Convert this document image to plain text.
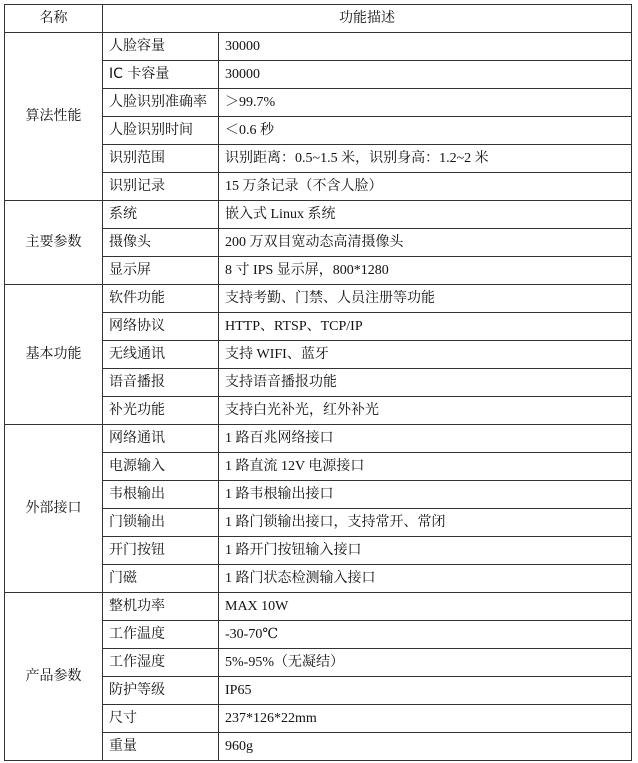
名称	功能描述	
算法性能	人脸容量	30000
	IC 卡容量	30000
	人脸识别准确率	＞99.7%
	人脸识别时间	＜0.6 秒
	识别范围	识别距离：0.5~1.5 米，识别身高：1.2~2 米
	识别记录	15 万条记录（不含人脸）
主要参数	系统	嵌入式 Linux 系统
	摄像头	200 万双目宽动态高清摄像头
	显示屏	8 寸 IPS 显示屏，800*1280
基本功能	软件功能	支持考勤、门禁、人员注册等功能
	网络协议	HTTP、RTSP、TCP/IP
	无线通讯	支持 WIFI、蓝牙
	语音播报	支持语音播报功能
	补光功能	支持白光补光，红外补光
外部接口	网络通讯	1 路百兆网络接口
	电源输入	1 路直流 12V 电源接口
	韦根输出	1 路韦根输出接口
	门锁输出	1 路门锁输出接口，支持常开、常闭
	开门按钮	1 路开门按钮输入接口
	门磁	1 路门状态检测输入接口
产品参数	整机功率	MAX 10W
	工作温度	-30-70℃
	工作湿度	5%-95%（无凝结）
	防护等级	IP65
	尺寸	237*126*22mm
	重量	960g
